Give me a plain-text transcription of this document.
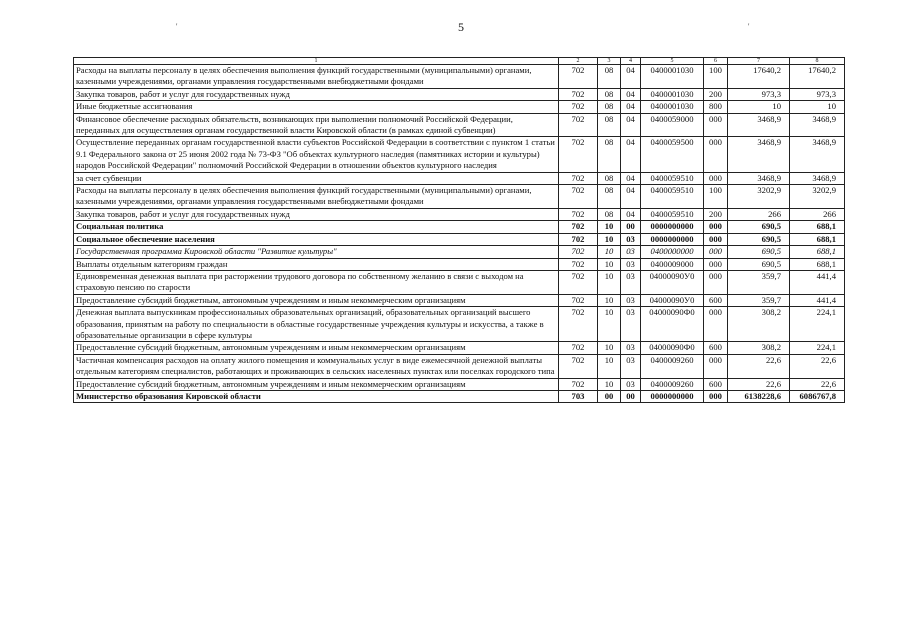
5
'	'
1	2	3	4	5	6	7	8
Расходы на выплаты персоналу в целях обеспечения выполнения функций государственными (муниципальными) органами, казенными учреждениями, органами управления государственными внебюджетными фондами	702	08	04	0400001030	100	17640,2	17640,2
Закупка товаров, работ и услуг для государственных нужд	702	08	04	0400001030	200	973,3	973,3
Иные бюджетные ассигнования	702	08	04	0400001030	800	10	10
Финансовое обеспечение расходных обязательств, возникающих при выполнении полномочий Российской Федерации, переданных для осуществления органам государственной власти Кировской области (в рамках единой субвенции)	702	08	04	0400059000	000	3468,9	3468,9
Осуществление переданных органам государственной власти субъектов Российской Федерации в соответствии с пунктом 1 статьи 9.1 Федерального закона от 25 июня 2002 года № 73-ФЗ "Об объектах культурного наследия (памятниках истории и культуры) народов Российской Федерации" полномочий Российской Федерации в отношении объектов культурного наследия	702	08	04	0400059500	000	3468,9	3468,9
за счет субвенции	702	08	04	0400059510	000	3468,9	3468,9
Расходы на выплаты персоналу в целях обеспечения выполнения функций государственными (муниципальными) органами, казенными учреждениями, органами управления государственными внебюджетными фондами	702	08	04	0400059510	100	3202,9	3202,9
Закупка товаров, работ и услуг для государственных нужд	702	08	04	0400059510	200	266	266
Социальная политика	702	10	00	0000000000	000	690,5	688,1
Социальное обеспечение населения	702	10	03	0000000000	000	690,5	688,1
Государственная программа Кировской области "Развитие культуры"	702	10	03	0400000000	000	690,5	688,1
Выплаты отдельным категориям граждан	702	10	03	0400009000	000	690,5	688,1
Единовременная денежная выплата при расторжении трудового договора по собственному желанию в связи с выходом на страховую пенсию по старости	702	10	03	04000090У0	000	359,7	441,4
Предоставление субсидий бюджетным, автономным учреждениям и иным некоммерческим организациям	702	10	03	04000090У0	600	359,7	441,4
Денежная выплата выпускникам профессиональных образовательных организаций, образовательных организаций высшего образования, принятым на работу по специальности в областные государственные учреждения культуры и искусства, а также в образовательные организации в сфере культуры	702	10	03	04000090Ф0	000	308,2	224,1
Предоставление субсидий бюджетным, автономным учреждениям и иным некоммерческим организациям	702	10	03	04000090Ф0	600	308,2	224,1
Частичная компенсация расходов на оплату жилого помещения и коммунальных услуг в виде ежемесячной денежной выплаты отдельным категориям специалистов, работающих и проживающих в сельских населенных пунктах или поселках городского типа	702	10	03	0400009260	000	22,6	22,6
Предоставление субсидий бюджетным, автономным учреждениям и иным некоммерческим организациям	702	10	03	0400009260	600	22,6	22,6
Министерство образования Кировской области	703	00	00	0000000000	000	6138228,6	6086767,8
